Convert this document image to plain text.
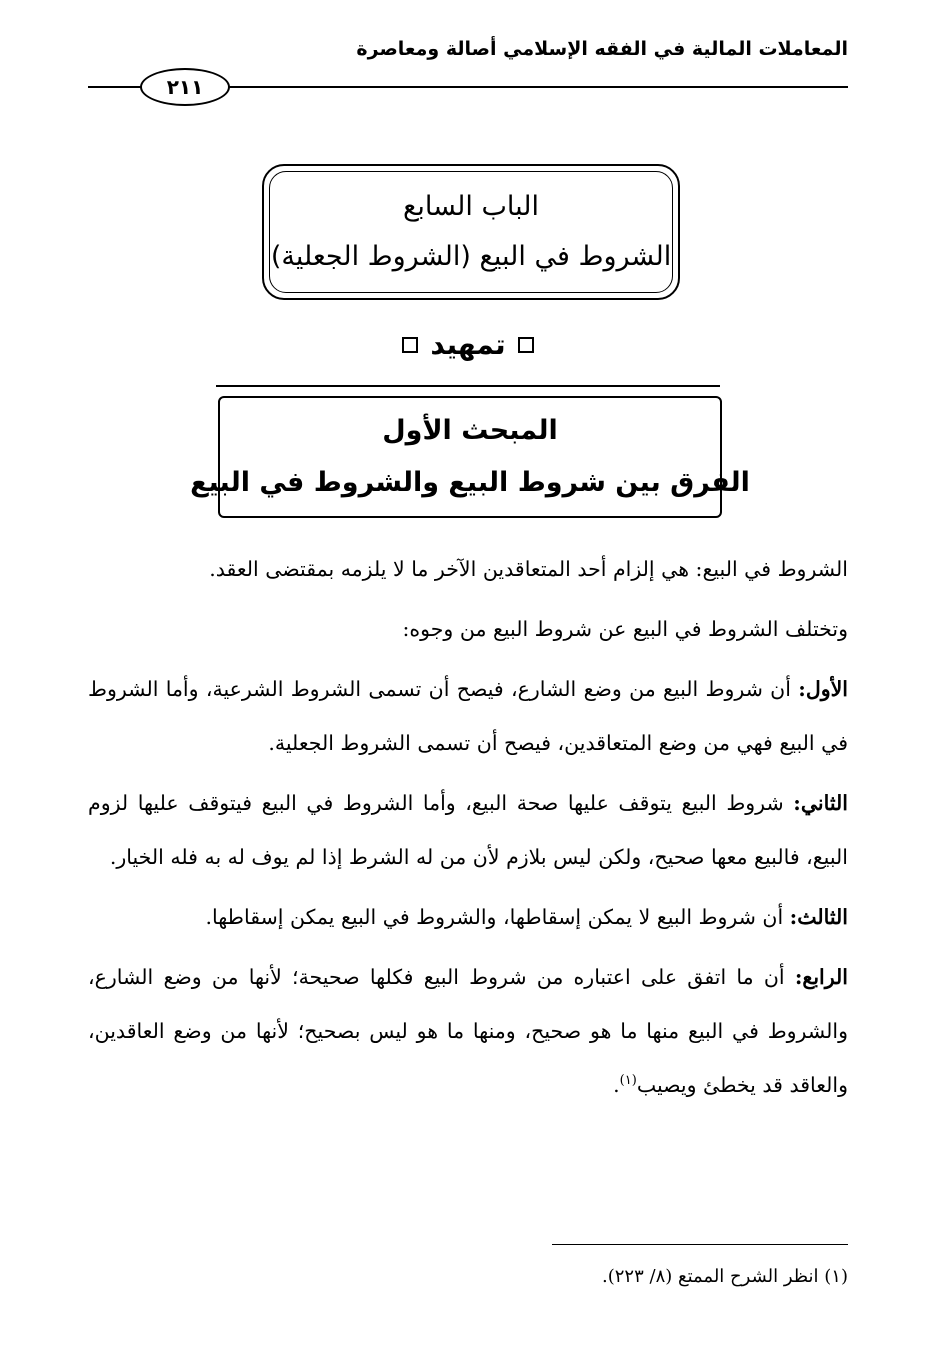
المعاملات المالية في الفقه الإسلامي أصالة ومعاصرة
٢١١
الباب السابع
الشروط في البيع (الشروط الجعلية)
تمهيد
المبحث الأول
الفرق بين شروط البيع والشروط في البيع

الشروط في البيع: هي إلزام أحد المتعاقدين الآخر ما لا يلزمه بمقتضى العقد.

وتختلف الشروط في البيع عن شروط البيع من وجوه:

الأول: أن شروط البيع من وضع الشارع، فيصح أن تسمى الشروط الشرعية، وأما الشروط في البيع فهي من وضع المتعاقدين، فيصح أن تسمى الشروط الجعلية.

الثاني: شروط البيع يتوقف عليها صحة البيع، وأما الشروط في البيع فيتوقف عليها لزوم البيع، فالبيع معها صحيح، ولكن ليس بلازم لأن من له الشرط إذا لم يوف له به فله الخيار.

الثالث: أن شروط البيع لا يمكن إسقاطها، والشروط في البيع يمكن إسقاطها.

الرابع: أن ما اتفق على اعتباره من شروط البيع فكلها صحيحة؛ لأنها من وضع الشارع، والشروط في البيع منها ما هو صحيح، ومنها ما هو ليس بصحيح؛ لأنها من وضع العاقدين، والعاقد قد يخطئ ويصيب$^{(١)}$.

(١) انظر الشرح الممتع (٨/ ٢٢٣).
